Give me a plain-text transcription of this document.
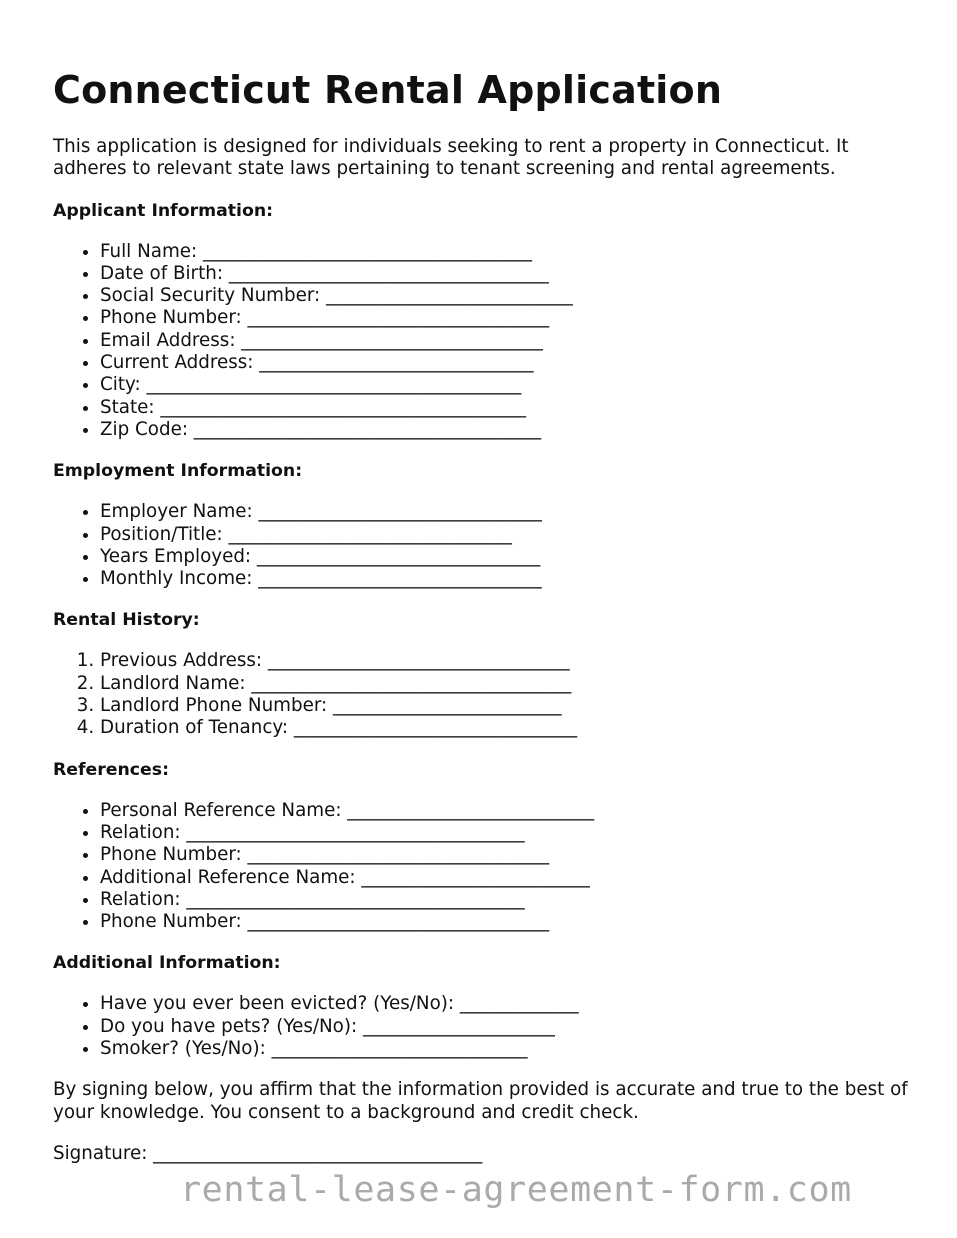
Connecticut Rental Application

This application is designed for individuals seeking to rent a property in Connecticut. It adheres to relevant state laws pertaining to tenant screening and rental agreements.

Applicant Information:
• Full Name: ____________________________________
• Date of Birth: ___________________________________
• Social Security Number: ___________________________
• Phone Number: _________________________________
• Email Address: _________________________________
• Current Address: ______________________________
• City: _________________________________________
• State: ________________________________________
• Zip Code: ______________________________________
Employment Information:
• Employer Name: _______________________________
• Position/Title: _______________________________
• Years Employed: _______________________________
• Monthly Income: _______________________________
Rental History:
1. Previous Address: _________________________________
2. Landlord Name: ___________________________________
3. Landlord Phone Number: _________________________
4. Duration of Tenancy: _______________________________
References:
• Personal Reference Name: ___________________________
• Relation: _____________________________________
• Phone Number: _________________________________
• Additional Reference Name: _________________________
• Relation: _____________________________________
• Phone Number: _________________________________
Additional Information:
• Have you ever been evicted? (Yes/No): _____________
• Do you have pets? (Yes/No): _____________________
• Smoker? (Yes/No): ____________________________

By signing below, you affirm that the information provided is accurate and true to the best of your knowledge. You consent to a background and credit check.

Signature: ____________________________________

rental-lease-agreement-form.com
